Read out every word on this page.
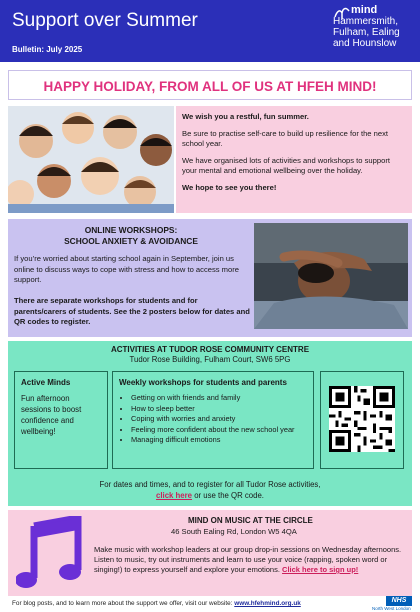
Support over Summer
Bulletin: July 2025
mind
Hammersmith, Fulham, Ealing and Hounslow
HAPPY HOLIDAY, FROM ALL OF US AT HFEH MIND!

We wish you a restful, fun summer.

Be sure to practise self-care to build up resilience for the next school year.

We have organised lots of activities and workshops to support your mental and emotional wellbeing over the holiday.

We hope to see you there!

ONLINE WORKSHOPS:
SCHOOL ANXIETY & AVOIDANCE
If you’re worried about starting school again in September, join us online to discuss ways to cope with stress and how to access more support.
There are separate workshops for students and for parents/carers of students. See the 2 posters below for dates and QR codes to register.
ACTIVITIES AT TUDOR ROSE COMMUNITY CENTRE
Tudor Rose Building, Fulham Court, SW6 5PG
Active Minds
Fun afternoon sessions to boost confidence and wellbeing!
Weekly workshops for students and parents
• Getting on with friends and family
• How to sleep better
• Coping with worries and anxiety
• Feeling more confident about the new school year
• Managing difficult emotions
For dates and times, and to register for all Tudor Rose activities,
click here or use the QR code.
MIND ON MUSIC AT THE CIRCLE
46 South Ealing Rd, London W5 4QA
Make music with workshop leaders at our group drop-in sessions on Wednesday afternoons. Listen to music, try out instruments and learn to use your voice (rapping, spoken word or singing!) to express yourself and explore your emotions. Click here to sign up!
For blog posts, and to learn more about the support we offer, visit our website: www.hfehmind.org.uk	NHS
North West London
